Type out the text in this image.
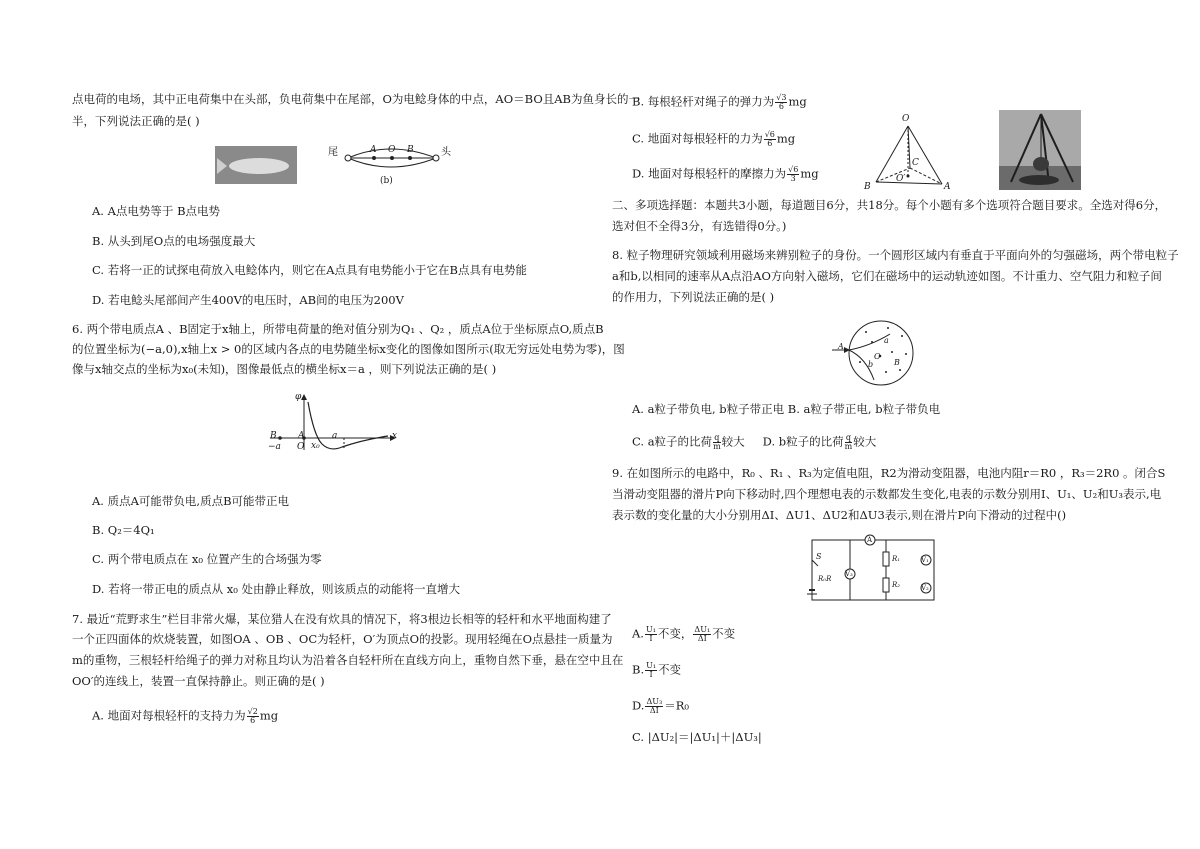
点电荷的电场，其中正电荷集中在头部，负电荷集中在尾部，O为电鲶身体的中点，AO＝BO且AB为鱼身长的一
半，下列说法正确的是( )
尾	头
A O B
(b)
A. A点电势等于 B点电势
B. 从头到尾O点的电场强度最大
C. 若将一正的试探电荷放入电鲶体内，则它在A点具有电势能小于它在B点具有电势能
D. 若电鲶头尾部间产生400V的电压时，AB间的电压为200V
6. 两个带电质点A 、B固定于x轴上，所带电荷量的绝对值分别为Q₁ 、Q₂ ，质点A位于坐标原点O,质点B
的位置坐标为(−a,0),x轴上x > 0的区域内各点的电势随坐标x变化的图像如图所示(取无穷远处电势为零)，图
像与x轴交点的坐标为x₀(未知)，图像最低点的横坐标x＝a ，则下列说法正确的是( )
φ
B
−a
A
O x₀
a	x
A. 质点A可能带负电,质点B可能带正电
B. Q₂＝4Q₁
C. 两个带电质点在 x₀ 位置产生的合场强为零
D. 若将一带正电的质点从 x₀ 处由静止释放，则该质点的动能将一直增大
7. 最近“荒野求生”栏目非常火爆，某位猎人在没有炊具的情况下，将3根边长相等的轻杆和水平地面构建了
一个正四面体的炊烧装置，如图OA 、OB 、OC为轻杆，O′为顶点O的投影。现用轻绳在O点悬挂一质量为
m的重物，三根轻杆给绳子的弹力对称且均认为沿着各自轻杆所在直线方向上，重物自然下垂，悬在空中且在
OO′的连线上，装置一直保持静止。则正确的是( )
A. 地面对每根轻杆的支持力为 $\frac{√2}{6}$ mg
B. 每根轻杆对绳子的弹力为 $\frac{√3}{6}$ mg
C. 地面对每根轻杆的力为 $\frac{√6}{6}$ mg
D. 地面对每根轻杆的摩擦力为 $\frac{√6}{3}$ mg
O
B
C
O′
A
二、多项选择题：本题共3小题，每道题目6分，共18分。每个小题有多个选项符合题目要求。全选对得6分，
选对但不全得3分，有选错得0分。)
8. 粒子物理研究领域利用磁场来辨别粒子的身份。一个圆形区域内有垂直于平面向外的匀强磁场，两个带电粒子
a和b,以相同的速率从A点沿AO方向射入磁场，它们在磁场中的运动轨迹如图。不计重力、空气阻力和粒子间
的作用力，下列说法正确的是( )
A
a
b
O
B
A. a粒子带负电, b粒子带正电 B. a粒子带正电, b粒子带负电
C. a粒子的比荷 $\frac{q}{m}$ 较大 D. b粒子的比荷 $\frac{q}{m}$ 较大
9. 在如图所示的电路中，R₀ 、R₁ 、R₃为定值电阻，R2为滑动变阻器，电池内阻r＝R0 ，R₃＝2R0 。闭合S
当滑动变阻器的滑片P向下移动时,四个理想电表的示数都发生变化,电表的示数分别用I、U₁、U₂和U₃表示,电
表示数的变化量的大小分别用ΔI、ΔU1、ΔU2和ΔU3表示,则在滑片P向下滑动的过程中()
S
A
R₀R
V₃
R₁
R₂
V₁
V₂
A. $\frac{\text{U₁}}{I}$ 不变， $\frac{\text{ΔU₁}}{\Delta I}$ 不变
B. $\frac{\text{U₁}}{I}$ 不变
D. $\frac{\text{ΔU₃}}{\Delta I} =R_0$
C. |ΔU₂|＝|ΔU₁|＋|ΔU₃|
